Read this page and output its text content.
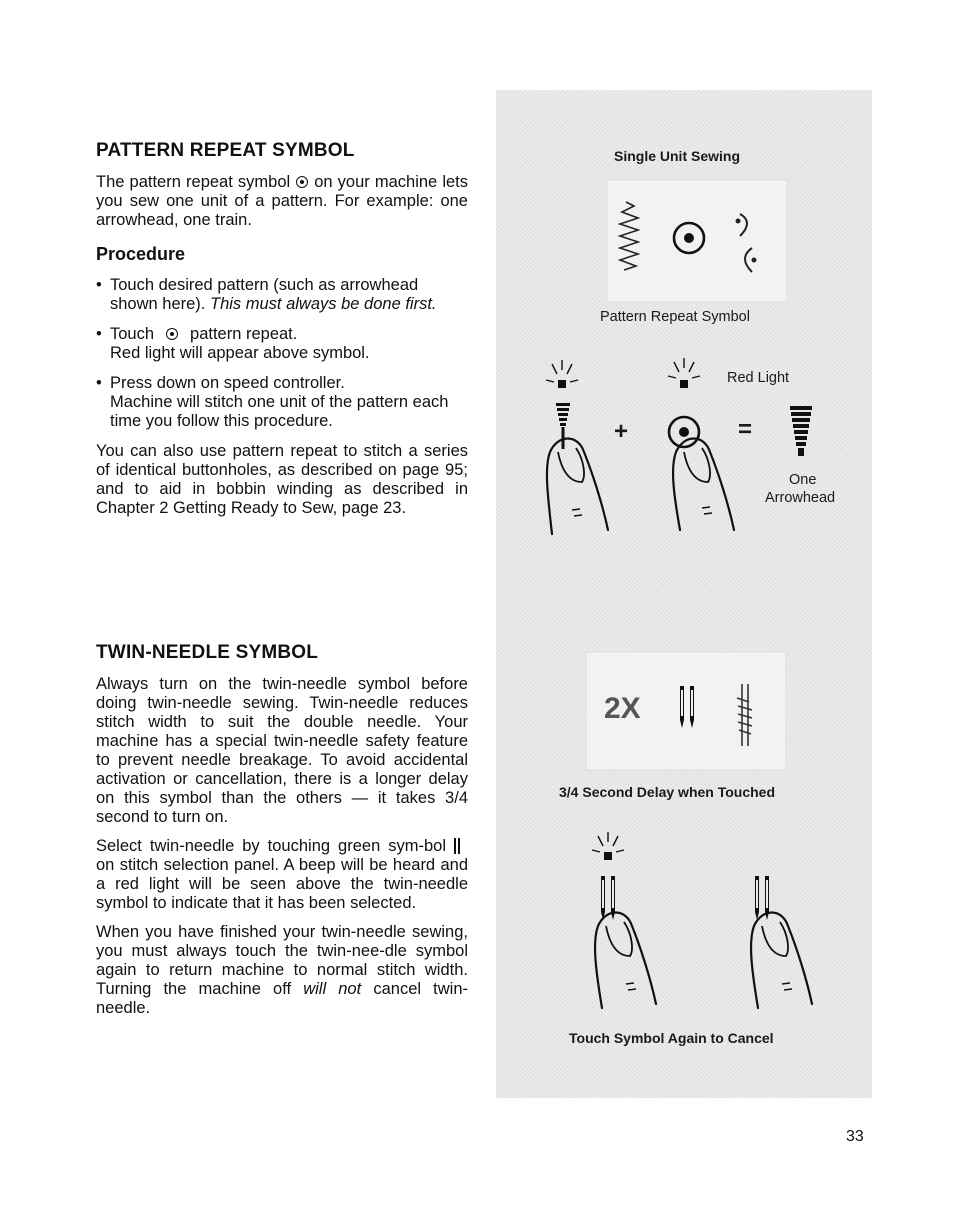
PATTERN REPEAT SYMBOL

The pattern repeat symbol on your machine lets you sew one unit of a pattern. For example: one arrowhead, one train.

Procedure
• Touch desired pattern (such as arrowhead shown here). This must always be done first.
• Touch pattern repeat.
Red light will appear above symbol.
• Press down on speed controller.
Machine will stitch one unit of the pattern each time you follow this procedure.

You can also use pattern repeat to stitch a series of identical buttonholes, as described on page 95; and to aid in bobbin winding as described in Chapter 2 Getting Ready to Sew, page 23.

TWIN-NEEDLE SYMBOL

Always turn on the twin-needle symbol before doing twin-needle sewing. Twin-needle reduces stitch width to suit the double needle. Your machine has a special twin-needle safety feature to prevent needle breakage. To avoid accidental activation or cancellation, there is a longer delay on this symbol than the others — it takes 3/4 second to turn on.

Select twin-needle by touching green sym-bolon stitch selection panel. A beep will be heard and a red light will be seen above the twin-needle symbol to indicate that it has been selected.

When you have finished your twin-needle sewing, you must always touch the twin-nee-dle symbol again to return machine to normal stitch width. Turning the machine off will not cancel twin-needle.

Single Unit Sewing
Pattern Repeat Symbol
Red Light
+	=
One
Arrowhead
2X
3/4 Second Delay when Touched
Touch Symbol Again to Cancel
33
